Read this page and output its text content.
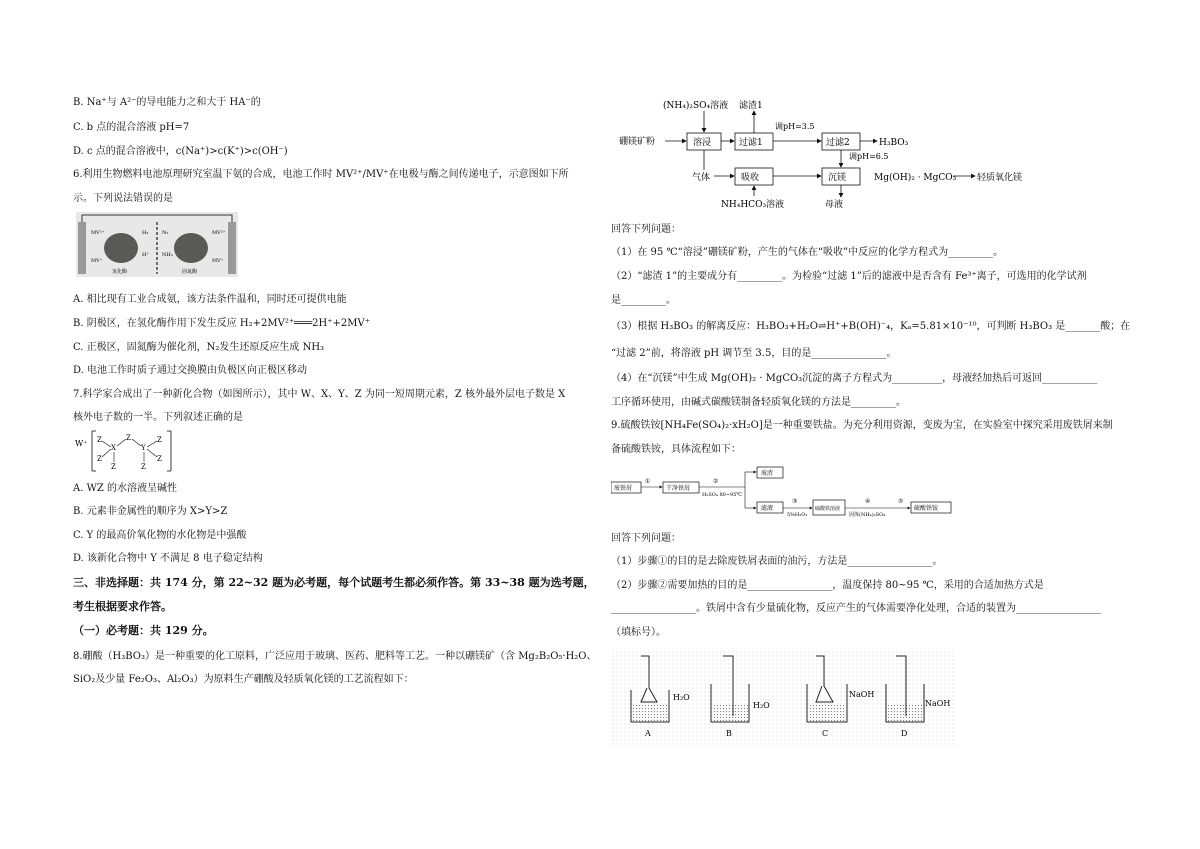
B. Na⁺与 A²⁻的导电能力之和大于 HA⁻的
C. b 点的混合溶液 pH=7
D. c 点的混合溶液中，c(Na⁺)>c(K⁺)>c(OH⁻)
6.利用生物燃料电池原理研究室温下氨的合成，电池工作时 MV²⁺/MV⁺在电极与酶之间传递电子，示意图如下所
示。下列说法错误的是
MV²⁺
MV⁺
H₂
H⁺
N₂
NH₃
MV²⁺
MV⁺
氢化酶	固氮酶
A. 相比现有工业合成氨，该方法条件温和，同时还可提供电能
B. 阴极区，在氢化酶作用下发生反应 H₂+2MV²⁺═══2H⁺+2MV⁺
C. 正极区，固氮酶为催化剂，N₂发生还原反应生成 NH₃
D. 电池工作时质子通过交换膜由负极区向正极区移动
7.科学家合成出了一种新化合物（如图所示），其中 W、X、Y、Z 为同一短周期元素，Z 核外最外层电子数是 X
核外电子数的一半。下列叙述正确的是
W⁺ Z
Z
X
Z
Z
Y
Z
Z
Z
A. WZ 的水溶液呈碱性
B. 元素非金属性的顺序为 X>Y>Z
C. Y 的最高价氧化物的水化物是中强酸
D. 该新化合物中 Y 不满足 8 电子稳定结构
三、非选择题：共 174 分，第 22~32 题为必考题，每个试题考生都必须作答。第 33~38 题为选考题，
考生根据要求作答。
（一）必考题：共 129 分。
8.硼酸（H₃BO₃）是一种重要的化工原料，广泛应用于玻璃、医药、肥料等工艺。一种以硼镁矿（含 Mg₂B₂O₅·H₂O、
SiO₂及少量 Fe₂O₃、Al₂O₃）为原料生产硼酸及轻质氧化镁的工艺流程如下：
(NH₄)₂SO₄溶液 滤渣1
硼镁矿粉	溶浸	过滤1
调pH=3.5
过滤2	H₃BO₃
调pH=6.5
气体	吸收	沉镁	Mg(OH)₂ · MgCO₃ 轻质氧化镁
NH₄HCO₃溶液	母液
回答下列问题：
（1）在 95 ℃“溶浸”硼镁矿粉，产生的气体在“吸收”中反应的化学方程式为_________。
（2）“滤渣 1”的主要成分有_________。为检验“过滤 1”后的滤液中是否含有 Fe³⁺离子，可选用的化学试剂
是_________。
（3）根据 H₃BO₃ 的解离反应：H₃BO₃+H₂O⇌H⁺+B(OH)⁻₄，Kₐ=5.81×10⁻¹⁰，可判断 H₃BO₃ 是_______酸；在
“过滤 2”前，将溶液 pH 调节至 3.5，目的是_______________。
（4）在“沉镁”中生成 Mg(OH)₂ · MgCO₃沉淀的离子方程式为__________，母液经加热后可返回___________
工序循环使用，由碱式碳酸镁制备轻质氧化镁的方法是_________。
9.硫酸铁铵[NH₄Fe(SO₄)₂·xH₂O]是一种重要铁盐。为充分利用资源，变废为宝，在实验室中探究采用废铁屑来制
备硫酸铁铵，具体流程如下：
废铁屑
①
干净铁屑
②
H₂SO₄ 80~95℃
废渣
滤液
③
5%H₂O₂
硫酸铁溶液
④
固体(NH₄)₂SO₄
⑤
硫酸铁铵
回答下列问题：
（1）步骤①的目的是去除废铁屑表面的油污，方法是_________________。
（2）步骤②需要加热的目的是_________________，温度保持 80~95 ℃，采用的合适加热方式是
_________________。铁屑中含有少量硫化物，反应产生的气体需要净化处理，合适的装置为_________________
（填标号）。
H₂O
A
H₂O
B
NaOH
C
NaOH
D
